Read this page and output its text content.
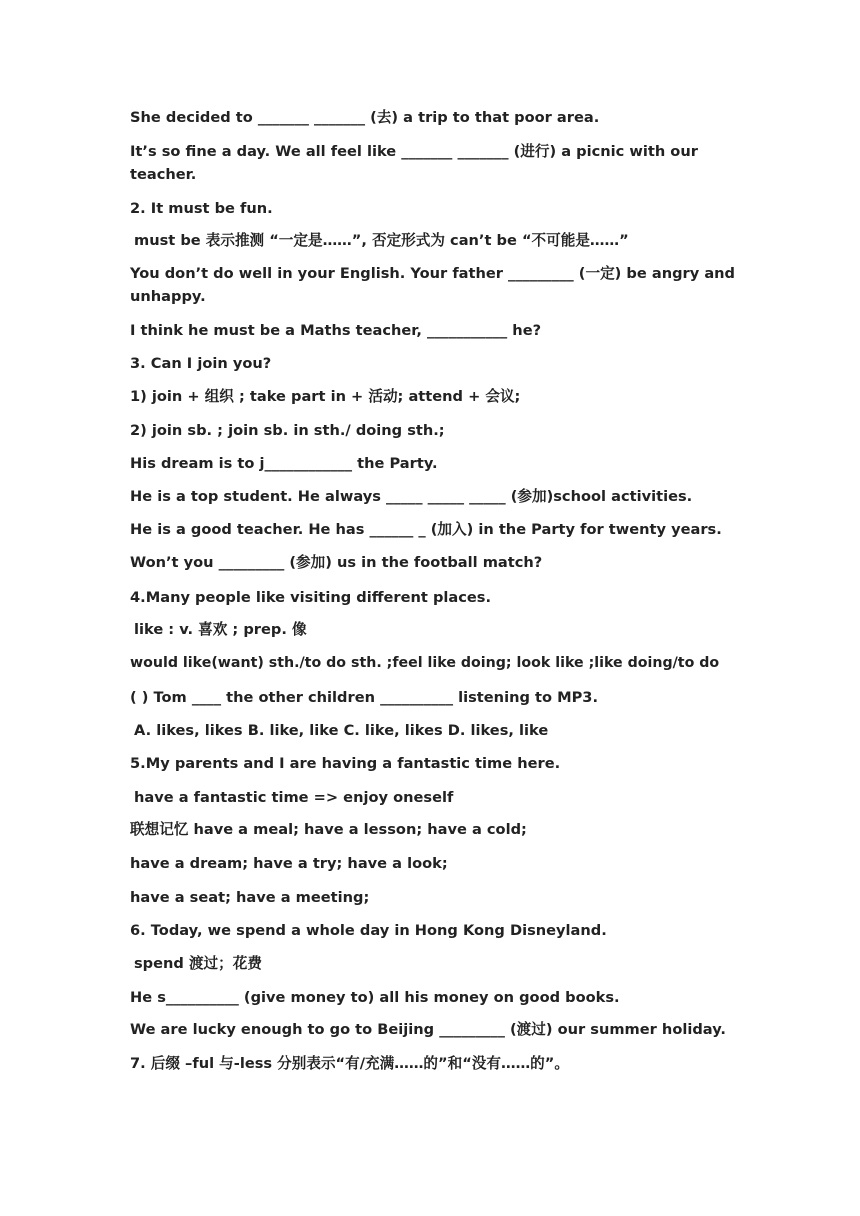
She decided to _______ _______ (去) a trip to that poor area.
It’s so fine a day. We all feel like _______ _______ (进行) a picnic with our teacher.
2. It must be fun.
must be 表示推测 “一定是……”, 否定形式为 can’t be “不可能是……”
You don’t do well in your English. Your father _________ (一定) be angry and unhappy.
I think he must be a Maths teacher, ___________ he?
3. Can I join you?
1) join + 组织 ; take part in + 活动; attend + 会议;
2) join sb. ; join sb. in sth./ doing sth.;
His dream is to j____________ the Party.
He is a top student. He always _____ _____ _____ (参加)school activities.
He is a good teacher. He has ______ _ (加入) in the Party for twenty years.
Won’t you _________ (参加) us in the football match?
4.Many people like visiting different places.
like : v. 喜欢 ; prep. 像
would like(want) sth./to do sth. ;feel like doing; look like ;like doing/to do
( ) Tom ____ the other children __________ listening to MP3.
A. likes, likes B. like, like C. like, likes D. likes, like
5.My parents and I are having a fantastic time here.
have a fantastic time => enjoy oneself
联想记忆 have a meal; have a lesson; have a cold;
have a dream; have a try; have a look;
have a seat; have a meeting;
6. Today, we spend a whole day in Hong Kong Disneyland.
spend 渡过；花费
He s__________ (give money to) all his money on good books.
We are lucky enough to go to Beijing _________ (渡过) our summer holiday.
7. 后缀 –ful 与-less 分别表示“有/充满……的”和“没有……的”。
